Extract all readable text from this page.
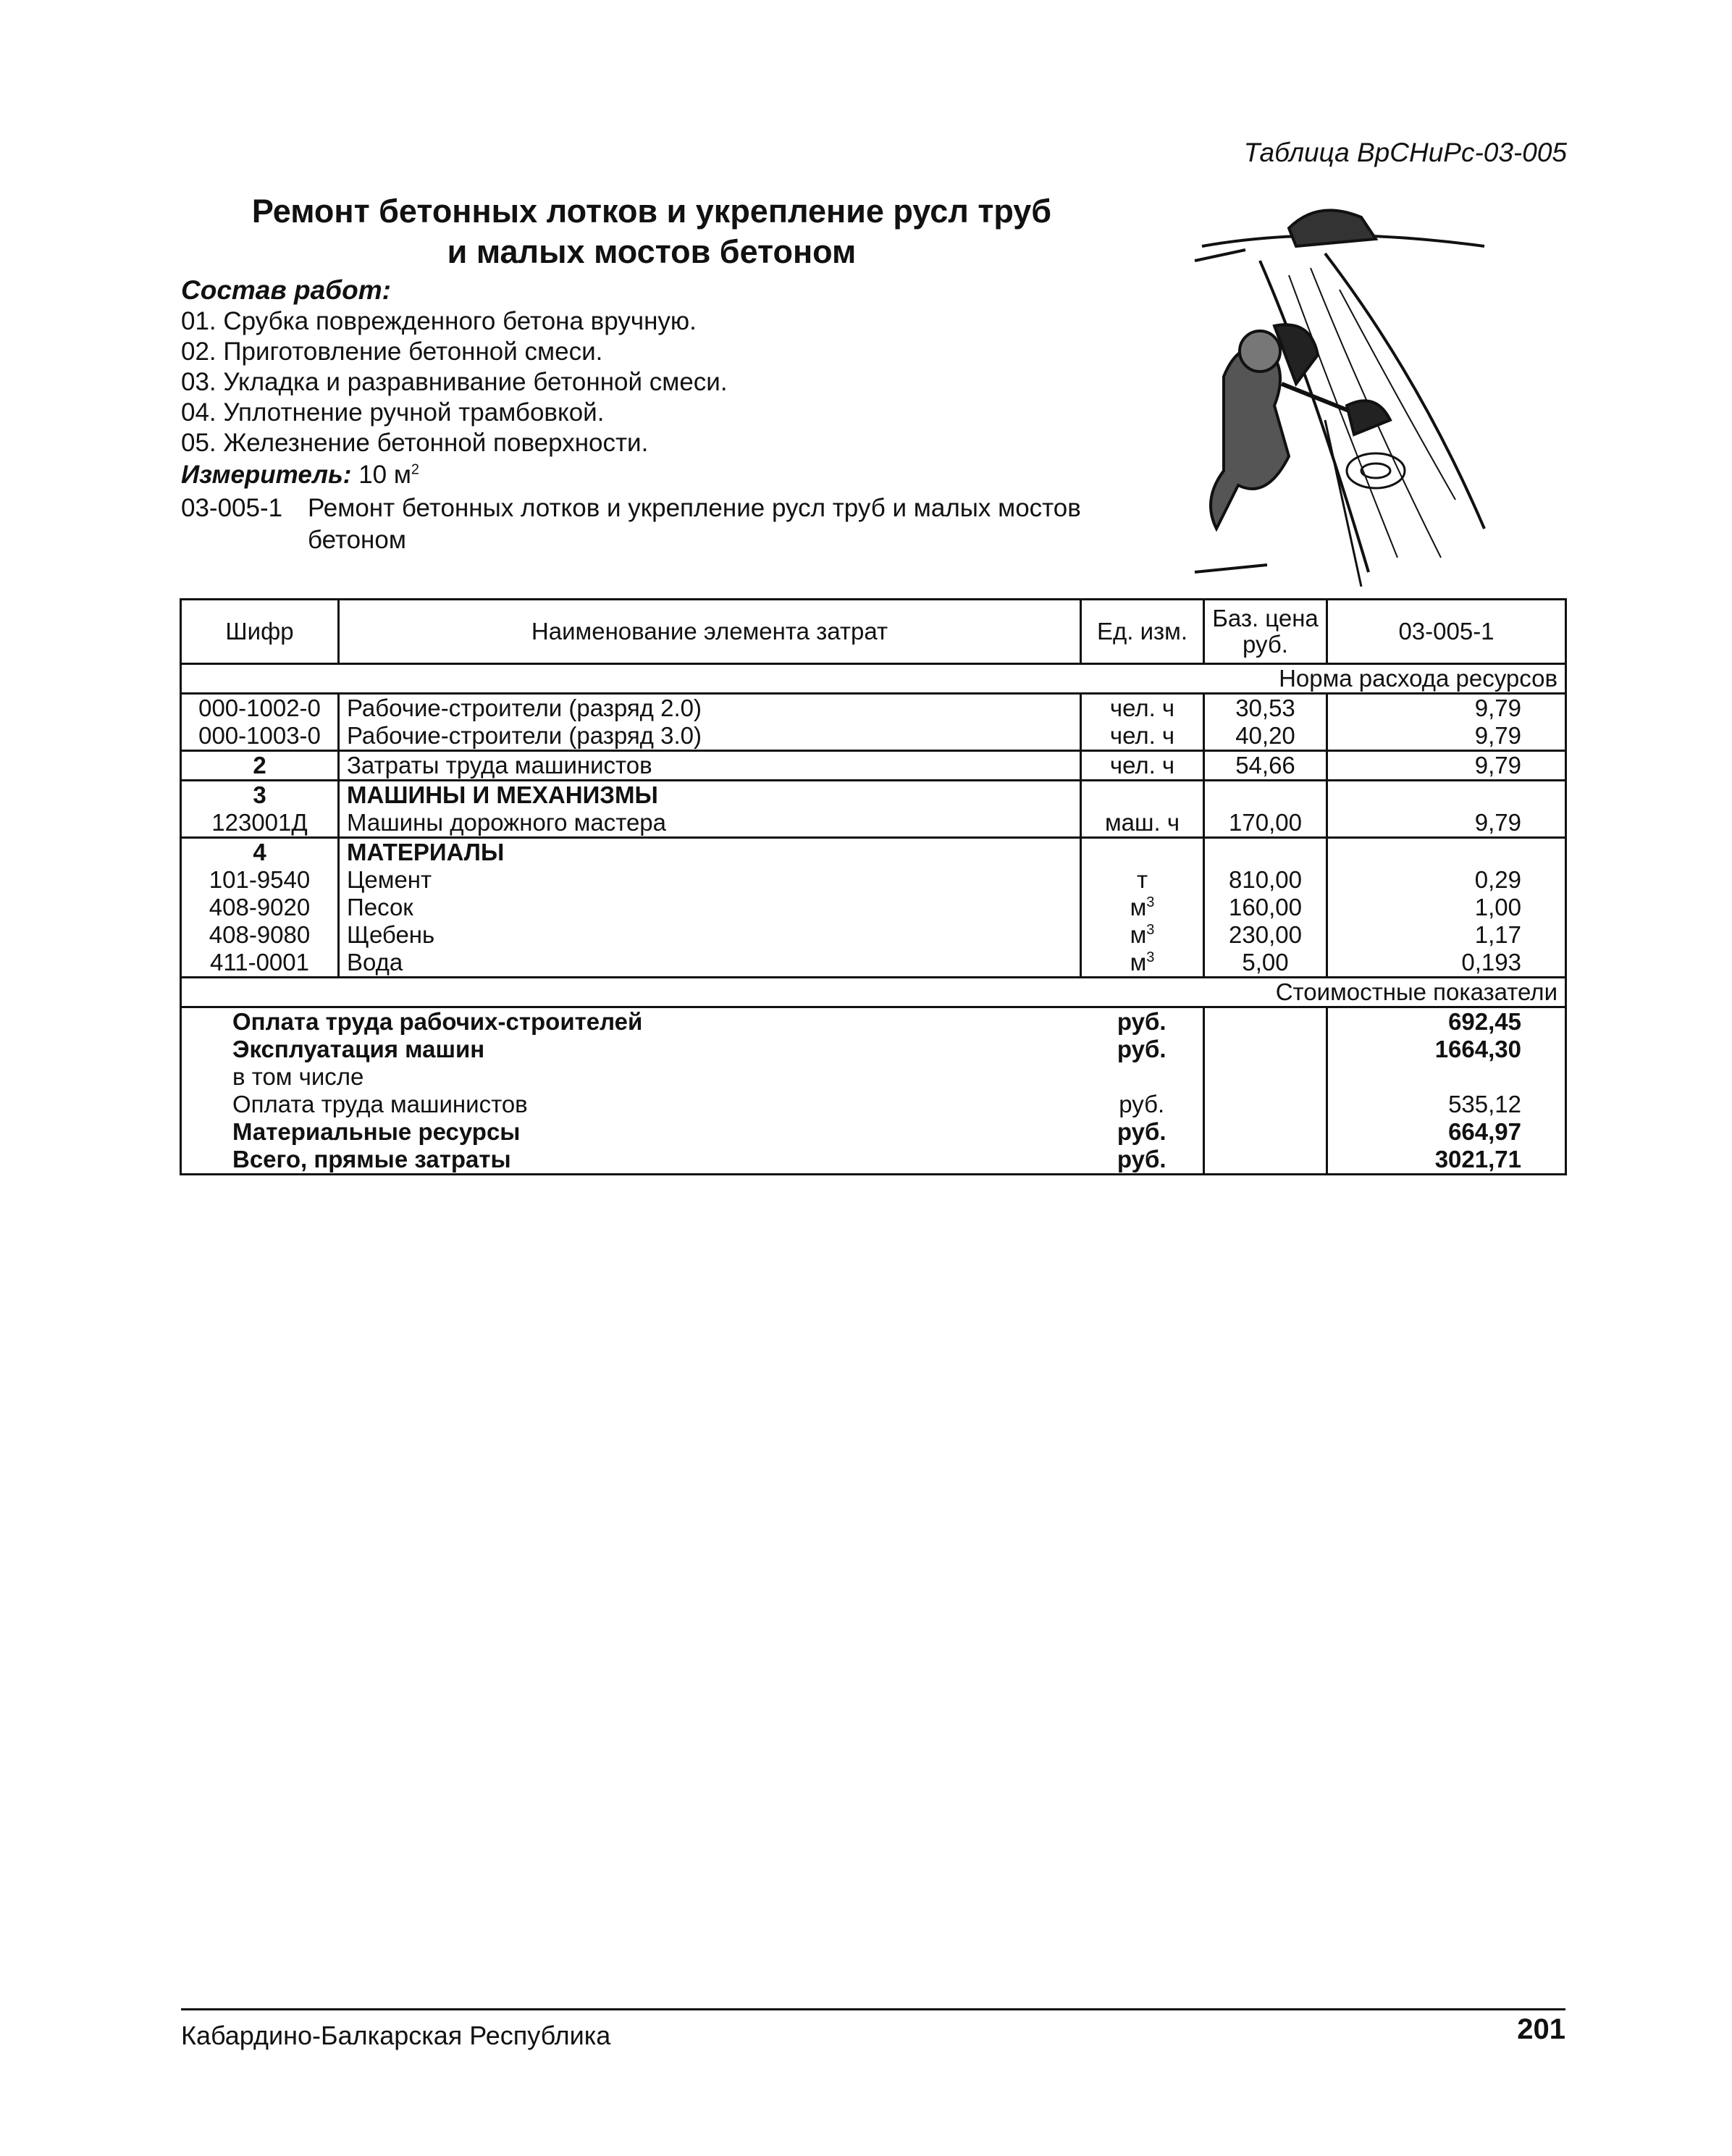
Таблица ВрСНиРс-03-005
Ремонт бетонных лотков и укрепление русл труб
и малых мостов бетоном
Состав работ:
01. Срубка поврежденного бетона вручную.
02. Приготовление бетонной смеси.
03. Укладка и разравнивание бетонной смеси.
04. Уплотнение ручной трамбовкой.
05. Железнение бетонной поверхности.
Измеритель: 10 $м^2$
03-005-1 Ремонт бетонных лотков и укрепление русл труб и малых мостов бетоном
Шифр	Наименование элемента затрат	Ед. изм.	Баз. цена руб.	03-005-1
Норма расхода ресурсов				
000-1002-0	Рабочие-строители (разряд 2.0)	чел. ч	30,53	9,79
000-1003-0	Рабочие-строители (разряд 3.0)	чел. ч	40,20	9,79
2	Затраты труда машинистов	чел. ч	54,66	9,79
3	МАШИНЫ И МЕХАНИЗМЫ			
123001Д	Машины дорожного мастера	маш. ч	170,00	9,79
4	МАТЕРИАЛЫ			
101-9540	Цемент	т	810,00	0,29
408-9020	Песок	$м^3$	160,00	1,00
408-9080	Щебень	$м^3$	230,00	1,17
411-0001	Вода	$м^3$	5,00	0,193
Стоимостные показатели				
Оплата труда рабочих-строителей		руб.		692,45
Эксплуатация машин		руб.		1664,30
в том числе				
Оплата труда машинистов		руб.		535,12
Материальные ресурсы		руб.		664,97
Всего, прямые затраты		руб.		3021,71
Кабардино-Балкарская Республика	201
